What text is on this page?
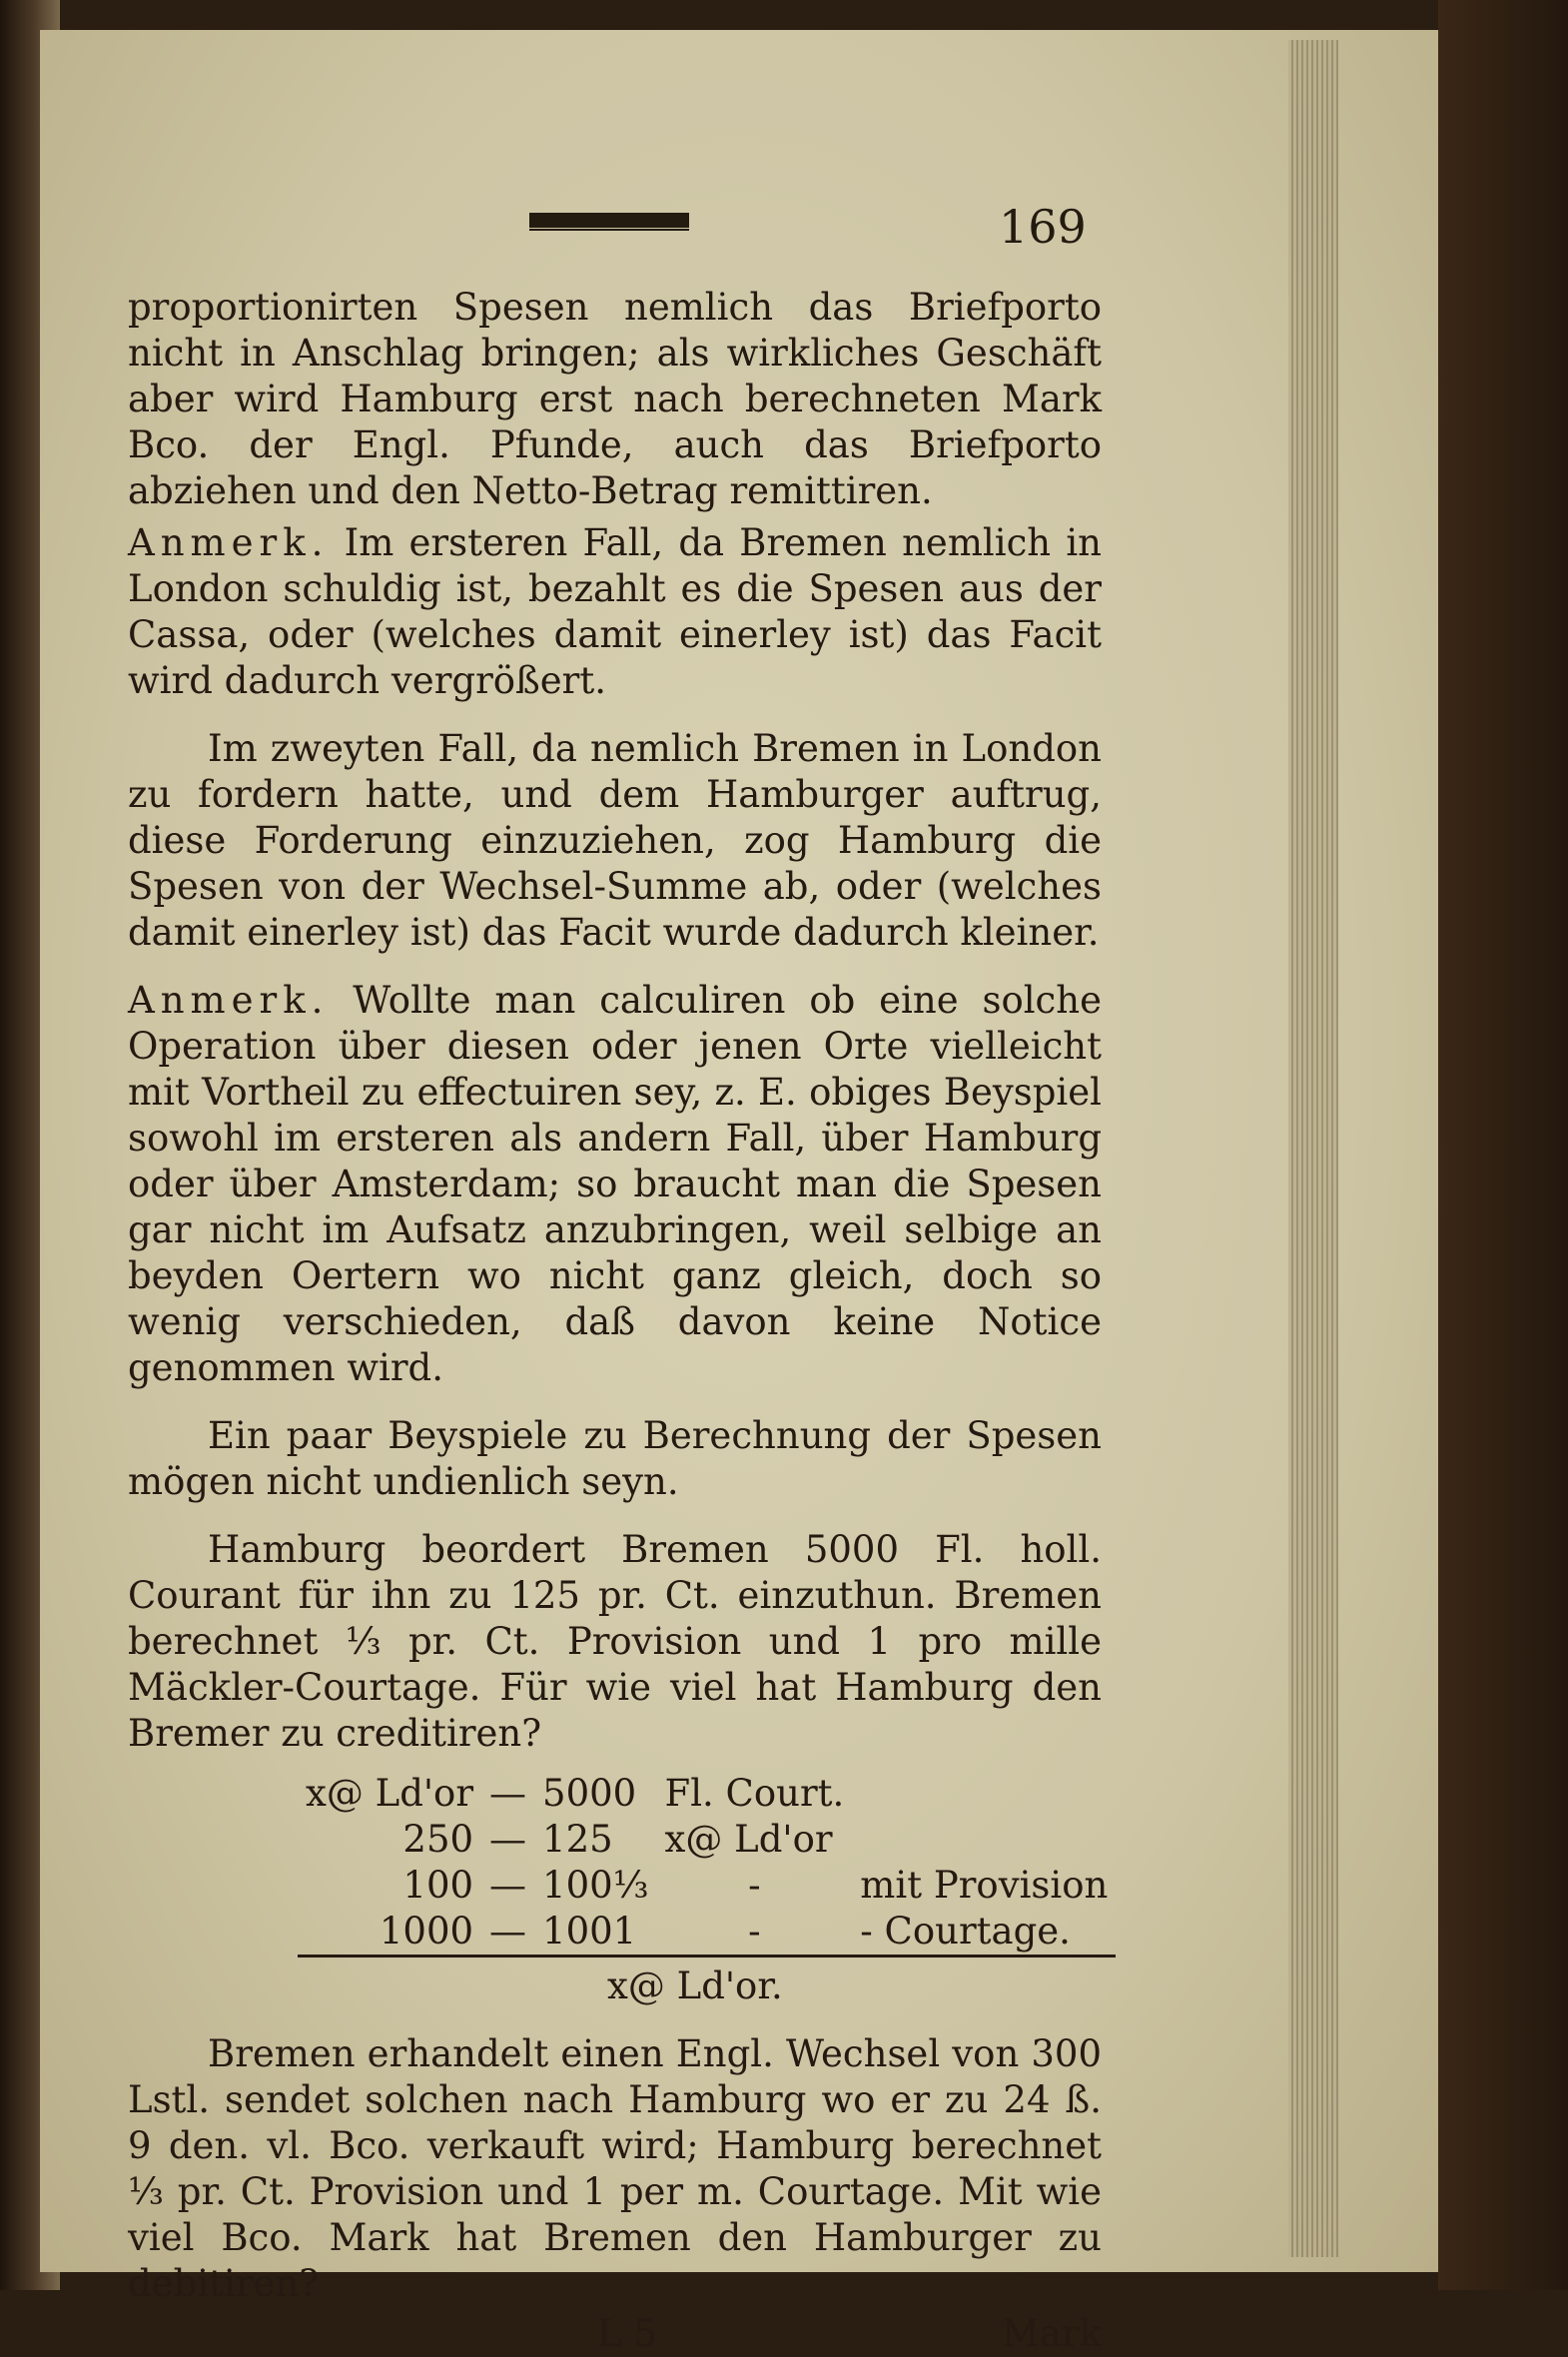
169

proportionirten Spesen nemlich das Briefporto nicht in Anschlag bringen; als wirkliches Geschäft aber wird Hamburg erst nach berechneten Mark Bco. der Engl. Pfunde, auch das Briefporto abziehen und den Netto-Betrag remittiren.

Anmerk. Im ersteren Fall, da Bremen nemlich in London schuldig ist, bezahlt es die Spesen aus der Cassa, oder (welches damit einerley ist) das Facit wird dadurch vergrößert.

Im zweyten Fall, da nemlich Bremen in London zu fordern hatte, und dem Hamburger auftrug, diese Forderung einzuziehen, zog Hamburg die Spesen von der Wechsel-Summe ab, oder (welches damit einerley ist) das Facit wurde dadurch kleiner.

Anmerk. Wollte man calculiren ob eine solche Operation über diesen oder jenen Orte vielleicht mit Vortheil zu effectuiren sey, z. E. obiges Beyspiel sowohl im ersteren als andern Fall, über Hamburg oder über Amsterdam; so braucht man die Spesen gar nicht im Aufsatz anzubringen, weil selbige an beyden Oertern wo nicht ganz gleich, doch so wenig verschieden, daß davon keine Notice genommen wird.

Ein paar Beyspiele zu Berechnung der Spesen mögen nicht undienlich seyn.

Hamburg beordert Bremen 5000 Fl. holl. Courant für ihn zu 125 pr. Ct. einzuthun. Bremen berechnet ⅓ pr. Ct. Provision und 1 pro mille Mäckler-Courtage. Für wie viel hat Hamburg den Bremer zu creditiren?

x@ Ld'or	—	5000	Fl. Court.	
250	—	125	x@ Ld'or	
100	—	100⅓	-	mit Provision
1000	—	1001	-	- Courtage.
x@ Ld'or.

Bremen erhandelt einen Engl. Wechsel von 300 Lstl. sendet solchen nach Hamburg wo er zu 24 ß. 9 den. vl. Bco. verkauft wird; Hamburg berechnet ⅓ pr. Ct. Provision und 1 per m. Courtage. Mit wie viel Bco. Mark hat Bremen den Hamburger zu debitiren?

L 5	Mark
